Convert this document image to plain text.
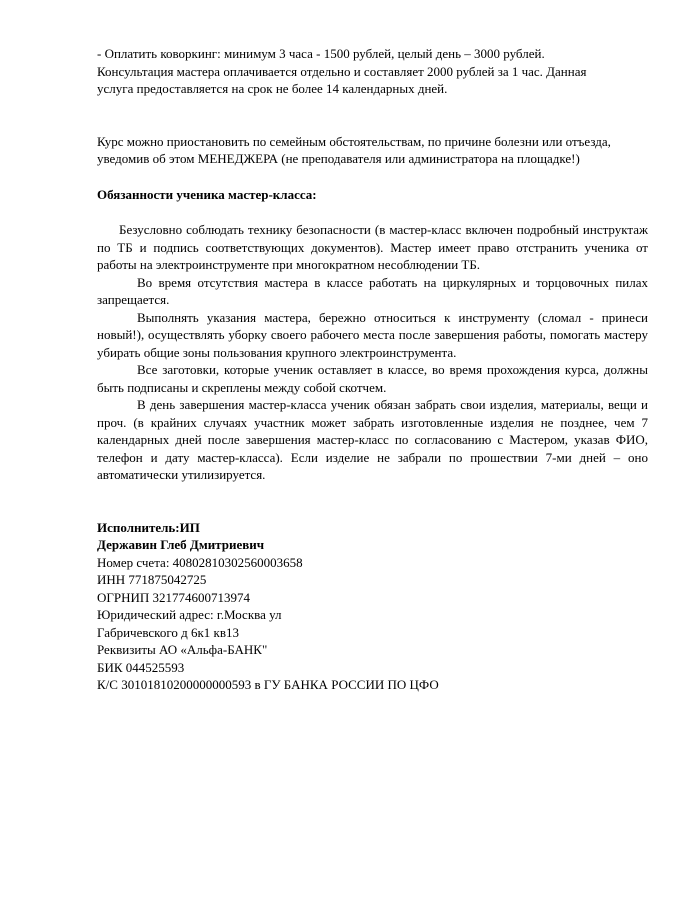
- Оплатить коворкинг: минимум 3 часа - 1500 рублей, целый день – 3000 рублей.

Консультация мастера оплачивается отдельно и составляет 2000 рублей за 1 час. Данная

услуга предоставляется на срок не более 14 календарных дней.

Курс можно приостановить по семейным обстоятельствам, по причине болезни или отъезда,

уведомив об этом МЕНЕДЖЕРА (не преподавателя или администратора на площадке!)

Обязанности ученика мастер-класса:

Безусловно соблюдать технику безопасности (в мастер-класс включен подробный инструктаж по ТБ и подпись соответствующих документов). Мастер имеет право отстранить ученика от работы на электроинструменте при многократном несоблюдении ТБ.

Во время отсутствия мастера в классе работать на циркулярных и торцовочных пилах запрещается.

Выполнять указания мастера, бережно относиться к инструменту (сломал - принеси новый!), осуществлять уборку своего рабочего места после завершения работы, помогать мастеру убирать общие зоны пользования крупного электроинструмента.

Все заготовки, которые ученик оставляет в классе, во время прохождения курса, должны быть подписаны и скреплены между собой скотчем.

В день завершения мастер-класса ученик обязан забрать свои изделия, материалы, вещи и проч. (в крайних случаях участник может забрать изготовленные изделия не позднее, чем 7 календарных дней после завершения мастер-класс по согласованию с Мастером, указав ФИО, телефон и дату мастер-класса). Если изделие не забрали по прошествии 7-ми дней – оно автоматически утилизируется.

Исполнитель:ИП

Державин Глеб Дмитриевич

Номер счета: 40802810302560003658

ИНН 771875042725

ОГРНИП 321774600713974

Юридический адрес: г.Москва ул

Габричевского д 6к1 кв13

Реквизиты АО «Альфа-БАНК"

БИК 044525593

К/С 30101810200000000593 в ГУ БАНКА РОССИИ ПО ЦФО
